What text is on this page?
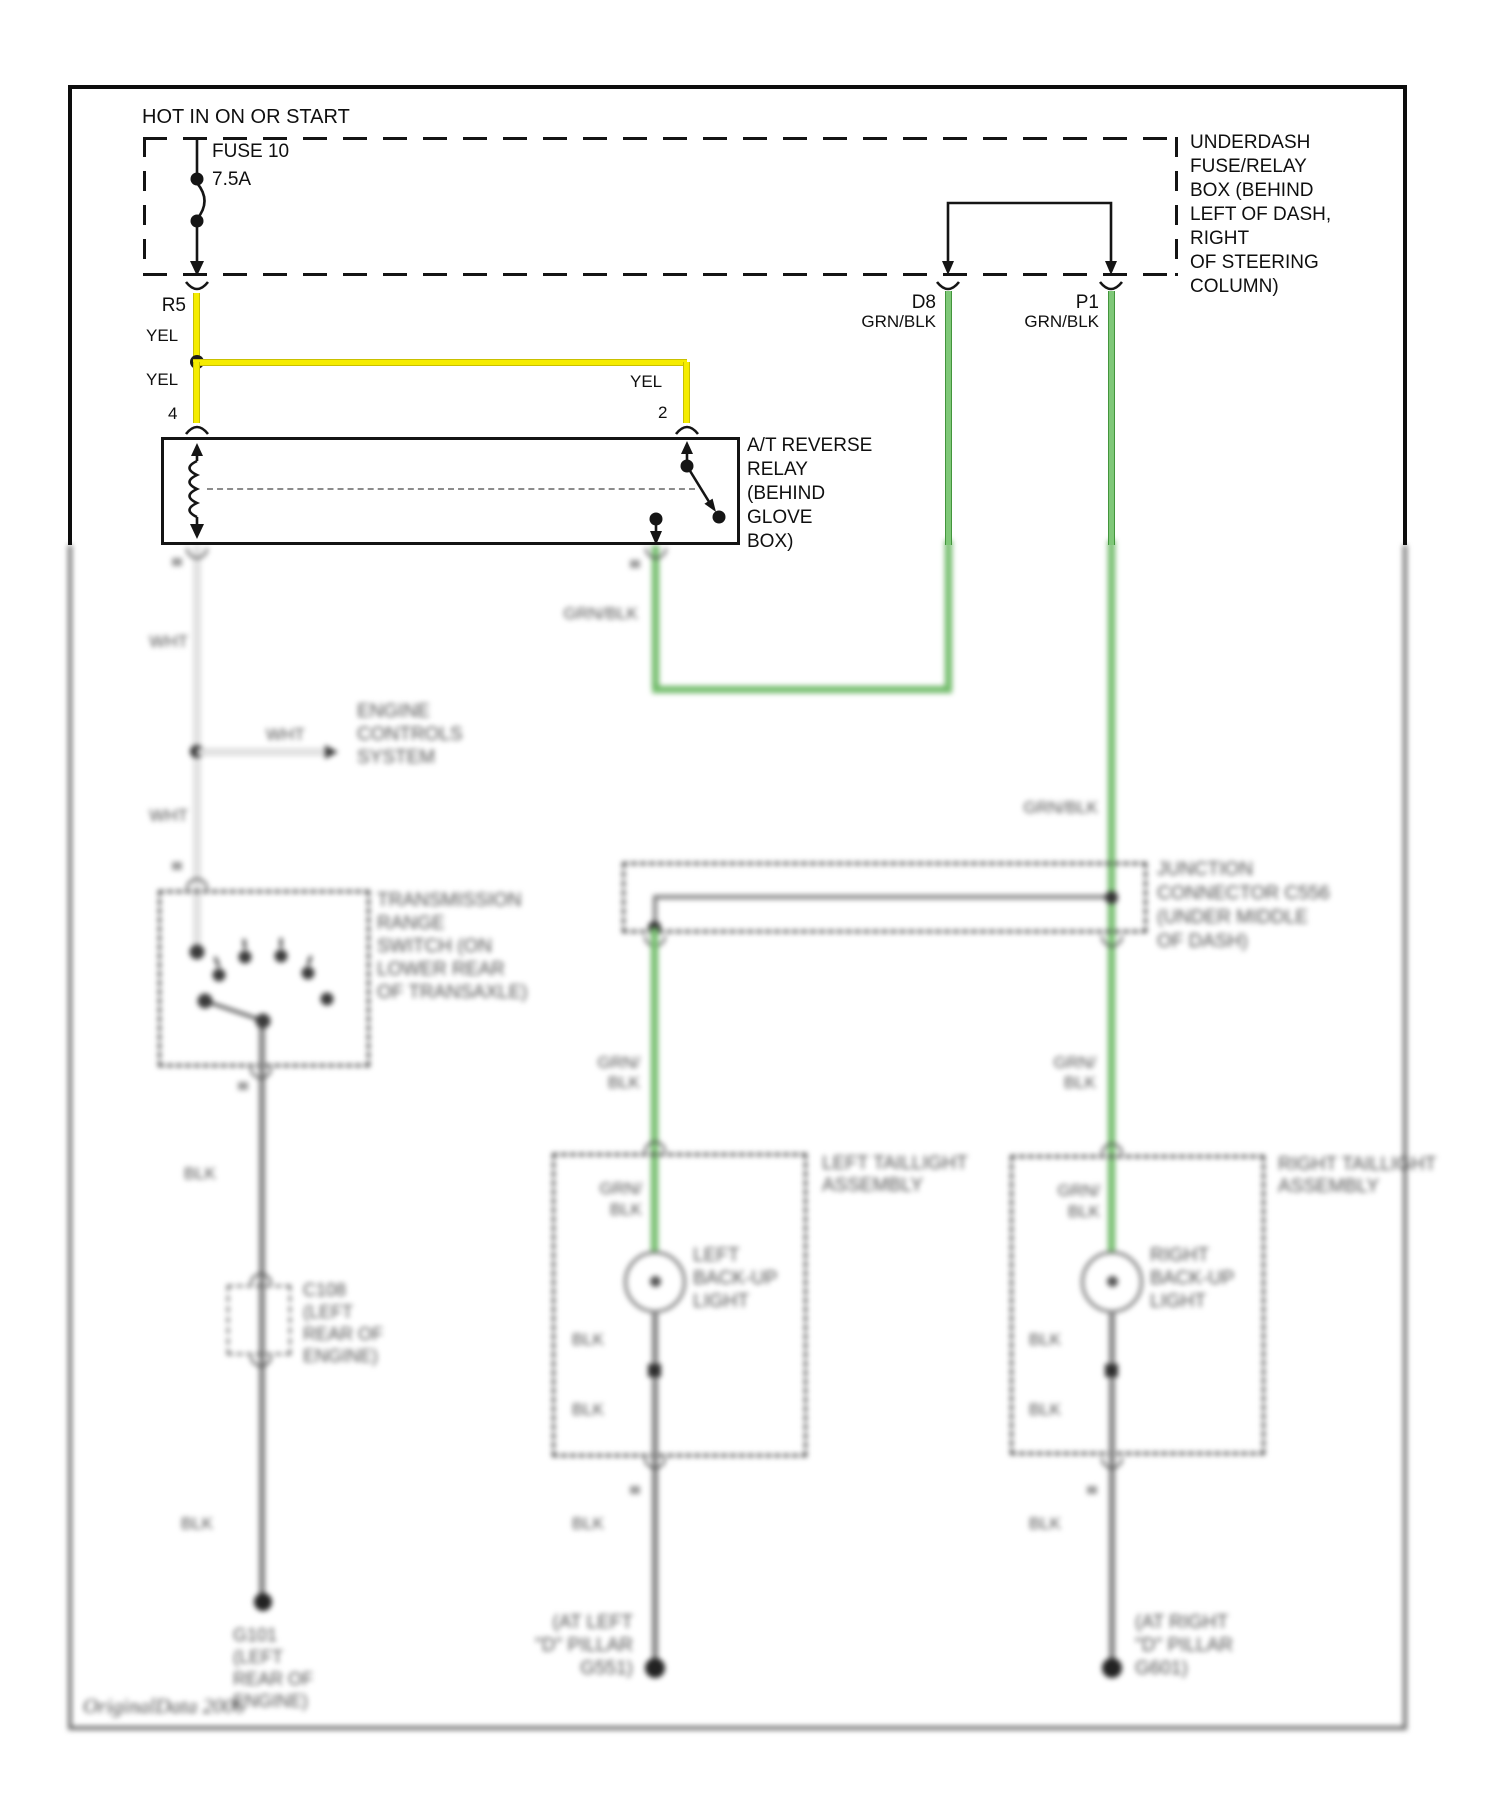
WHT
WHT
WHT
ENGINE
CONTROLS
SYSTEM
GRN/BLK
GRN/BLK
JUNCTION
CONNECTOR C556
(UNDER MIDDLE
OF DASH)
GRN/
BLK
GRN/
BLK
TRANSMISSION
RANGE
SWITCH (ON
LOWER REAR
OF TRANSAXLE)
BLK
C108
(LEFT
REAR OF
ENGINE)
BLK
G101
(LEFT
REAR OF
ENGINE)
LEFT TAILLIGHT
ASSEMBLY
GRN/
BLK
LEFT
BACK-UP
LIGHT
BLK
BLK
BLK
(AT LEFT
"D" PILLAR
G551)
RIGHT TAILLIGHT
ASSEMBLY
GRN/
BLK
RIGHT
BACK-UP
LIGHT
BLK
BLK
BLK
(AT RIGHT
"D" PILLAR
G601)
OriginalData 2006
HOT IN ON OR START
UNDERDASH
FUSE/RELAY
BOX (BEHIND
LEFT OF DASH,
RIGHT
OF STEERING
COLUMN)
FUSE 10
7.5A
R5	D8	P1
GRN/BLK	GRN/BLK
YEL
YEL	YEL
4	2
A/T REVERSE
RELAY
(BEHIND
GLOVE
BOX)
